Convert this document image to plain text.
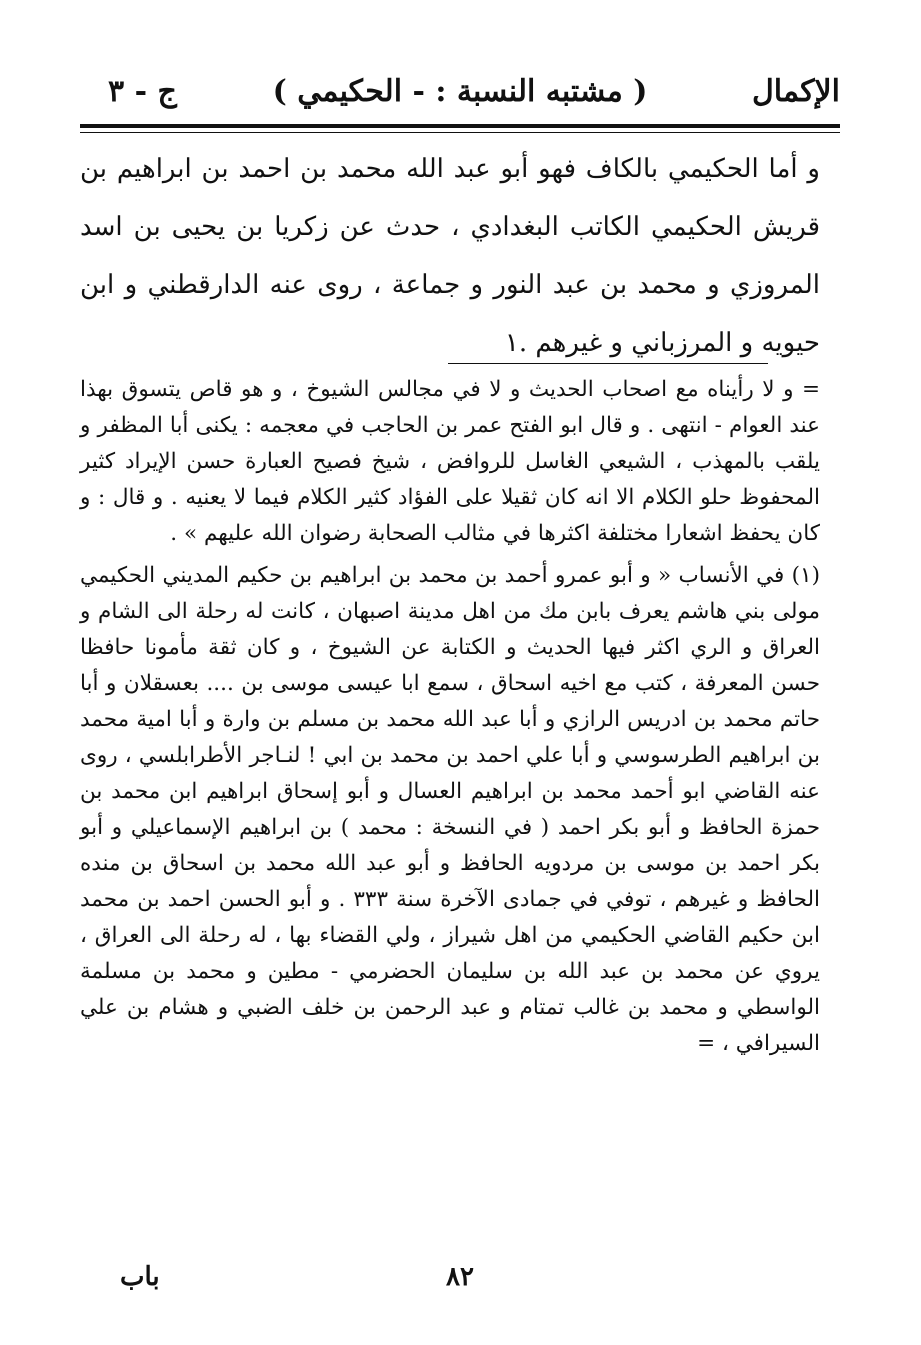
الإكمال
( مشتبه النسبة : - الحكيمي )
ج - ٣

و أما الحكيمي بالكاف فهو أبو عبد الله محمد بن احمد بن ابراهيم بن قريش الحكيمي الكاتب البغدادي ، حدث عن زكريا بن يحيى بن اسد المروزي و محمد بن عبد النور و جماعة ، روى عنه الدارقطني و ابن حيويه و المرزباني و غيرهم .١

= و لا رأيناه مع اصحاب الحديث و لا في مجالس الشيوخ ، و هو قاص يتسوق بهذا عند العوام - انتهى . و قال ابو الفتح عمر بن الحاجب في معجمه : يكنى أبا المظفر و يلقب بالمهذب ، الشيعي الغاسل للروافض ، شيخ فصيح العبارة حسن الإيراد كثير المحفوظ حلو الكلام الا انه كان ثقيلا على الفؤاد كثير الكلام فيما لا يعنيه . و قال : و كان يحفظ اشعارا مختلفة اكثرها في مثالب الصحابة رضوان الله عليهم » .

(١) في الأنساب « و أبو عمرو أحمد بن محمد بن ابراهيم بن حكيم المديني الحكيمي مولى بني هاشم يعرف بابن مك من اهل مدينة اصبهان ، كانت له رحلة الى الشام و العراق و الري اكثر فيها الحديث و الكتابة عن الشيوخ ، و كان ثقة مأمونا حافظا حسن المعرفة ، كتب مع اخيه اسحاق ، سمع ابا عيسى موسى بن .... بعسقلان و أبا حاتم محمد بن ادريس الرازي و أبا عبد الله محمد بن مسلم بن وارة و أبا امية محمد بن ابراهيم الطرسوسي و أبا علي احمد بن محمد بن ابي ! لنـاجر الأطرابلسي ، روى عنه القاضي ابو أحمد محمد بن ابراهيم العسال و أبو إسحاق ابراهيم ابن محمد بن حمزة الحافظ و أبو بكر احمد ( في النسخة : محمد ) بن ابراهيم الإسماعيلي و أبو بكر احمد بن موسى بن مردويه الحافظ و أبو عبد الله محمد بن اسحاق بن منده الحافظ و غيرهم ، توفي في جمادى الآخرة سنة ٣٣٣ . و أبو الحسن احمد بن محمد ابن حكيم القاضي الحكيمي من اهل شيراز ، ولي القضاء بها ، له رحلة الى العراق ، يروي عن محمد بن عبد الله بن سليمان الحضرمي - مطين و محمد بن مسلمة الواسطي و محمد بن غالب تمتام و عبد الرحمن بن خلف الضبي و هشام بن علي السيرافي ، =

٨٢
باب
